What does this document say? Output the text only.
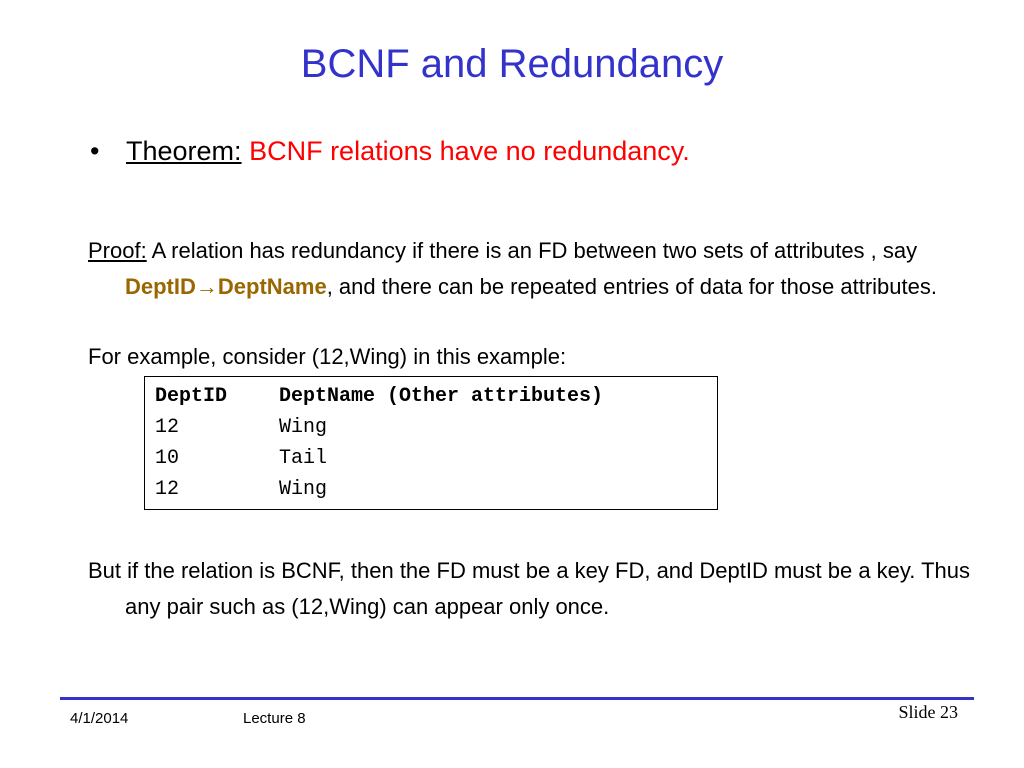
BCNF and Redundancy
• Theorem: BCNF relations have no redundancy.

Proof: A relation has redundancy if there is an FD between two sets of attributes , say DeptID→DeptName, and there can be repeated entries of data for those attributes.

For example, consider (12,Wing) in this example:

DeptID	DeptName (Other attributes)
12	Wing
10	Tail
12	Wing

But if the relation is BCNF, then the FD must be a key FD, and DeptID must be a key. Thus any pair such as (12,Wing) can appear only once.

4/1/2014	Lecture 8	Slide 23
